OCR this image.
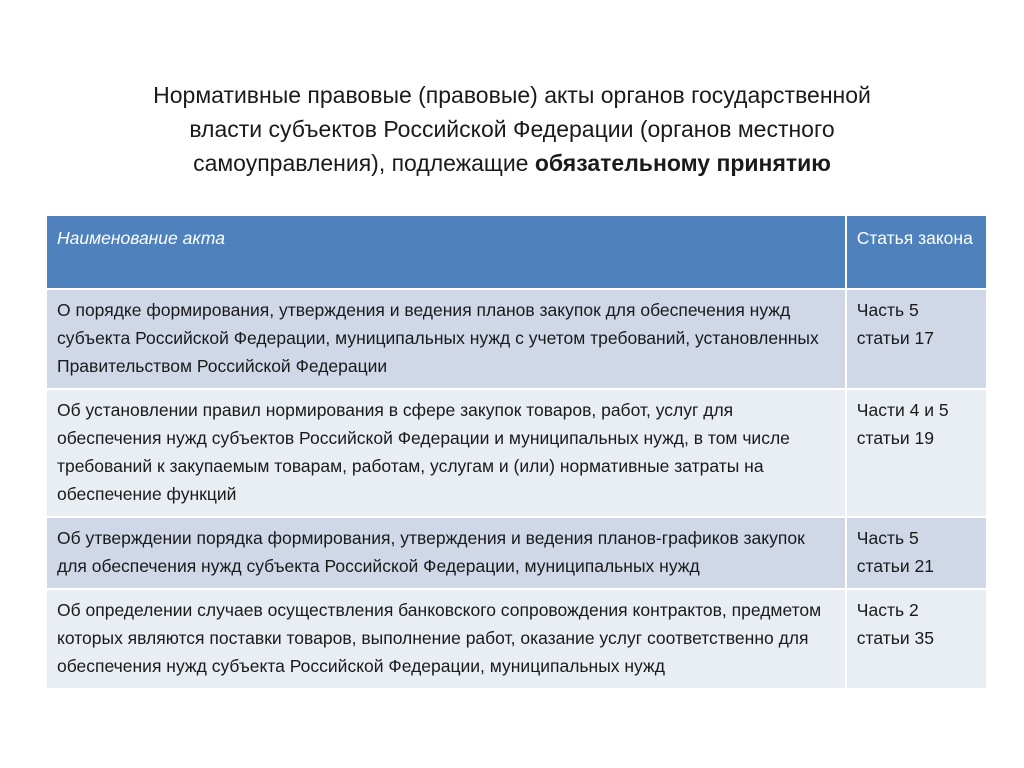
Нормативные правовые (правовые) акты органов государственной
власти субъектов Российской Федерации (органов местного
самоуправления), подлежащие обязательному принятию
Наименование акта	Статья закона
О порядке формирования, утверждения и ведения планов закупок для обеспечения нужд субъекта Российской Федерации, муниципальных нужд с учетом требований, установленных Правительством Российской Федерации	Часть 5 статьи 17
Об установлении правил нормирования в сфере закупок товаров, работ, услуг для обеспечения нужд субъектов Российской Федерации и муниципальных нужд, в том числе требований к закупаемым товарам, работам, услугам и (или) нормативные затраты на обеспечение функций	Части 4 и 5 статьи 19
Об утверждении порядка формирования, утверждения и ведения планов-графиков закупок для обеспечения нужд субъекта Российской Федерации, муниципальных нужд	Часть 5 статьи 21
Об определении случаев осуществления банковского сопровождения контрактов, предметом которых являются поставки товаров, выполнение работ, оказание услуг соответственно для обеспечения нужд субъекта Российской Федерации, муниципальных нужд	Часть 2 статьи 35
